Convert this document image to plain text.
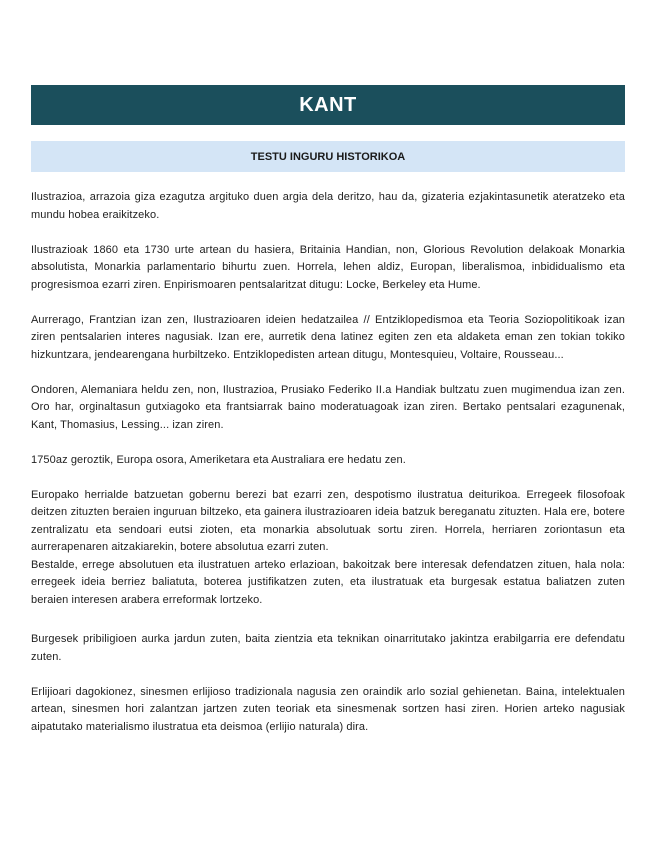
KANT
TESTU INGURU HISTORIKOA

Ilustrazioa, arrazoia giza ezagutza argituko duen argia dela deritzo, hau da, gizateria ezjakintasunetik ateratzeko eta mundu hobea eraikitzeko.

Ilustrazioak 1860 eta 1730 urte artean du hasiera, Britainia Handian, non, Glorious Revolution delakoak Monarkia absolutista, Monarkia parlamentario bihurtu zuen. Horrela, lehen aldiz, Europan, liberalismoa, inbididualismo eta progresismoa ezarri ziren. Enpirismoaren pentsalaritzat ditugu: Locke, Berkeley eta Hume.

Aurrerago, Frantzian izan zen, Ilustrazioaren ideien hedatzailea // Entziklopedismoa eta Teoria Soziopolitikoak izan ziren pentsalarien interes nagusiak. Izan ere, aurretik dena latinez egiten zen eta aldaketa eman zen tokian tokiko hizkuntzara, jendearengana hurbiltzeko. Entziklopedisten artean ditugu, Montesquieu, Voltaire, Rousseau...

Ondoren, Alemaniara heldu zen, non, Ilustrazioa, Prusiako Federiko II.a Handiak bultzatu zuen mugimendua izan zen. Oro har, orginaltasun gutxiagoko eta frantsiarrak baino moderatuagoak izan ziren. Bertako pentsalari ezagunenak, Kant, Thomasius, Lessing... izan ziren.

1750az geroztik, Europa osora, Ameriketara eta Australiara ere hedatu zen.

Europako herrialde batzuetan gobernu berezi bat ezarri zen, despotismo ilustratua deiturikoa. Erregeek filosofoak deitzen zituzten beraien inguruan biltzeko, eta gainera ilustrazioaren ideia batzuk bereganatu zituzten. Hala ere, botere zentralizatu eta sendoari eutsi zioten, eta monarkia absolutuak sortu ziren. Horrela, herriaren zoriontasun eta aurrerapenaren aitzakiarekin, botere absolutua ezarri zuten.

Bestalde, errege absolutuen eta ilustratuen arteko erlazioan, bakoitzak bere interesak defendatzen zituen, hala nola: erregeek ideia berriez baliatuta, boterea justifikatzen zuten, eta ilustratuak eta burgesak estatua baliatzen zuten beraien interesen arabera erreformak lortzeko.

Burgesek pribiligioen aurka jardun zuten, baita zientzia eta teknikan oinarritutako jakintza erabilgarria ere defendatu zuten.

Erlijioari dagokionez, sinesmen erlijioso tradizionala nagusia zen oraindik arlo sozial gehienetan. Baina, intelektualen artean, sinesmen hori zalantzan jartzen zuten teoriak eta sinesmenak sortzen hasi ziren. Horien arteko nagusiak aipatutako materialismo ilustratua eta deismoa (erlijio naturala) dira.
